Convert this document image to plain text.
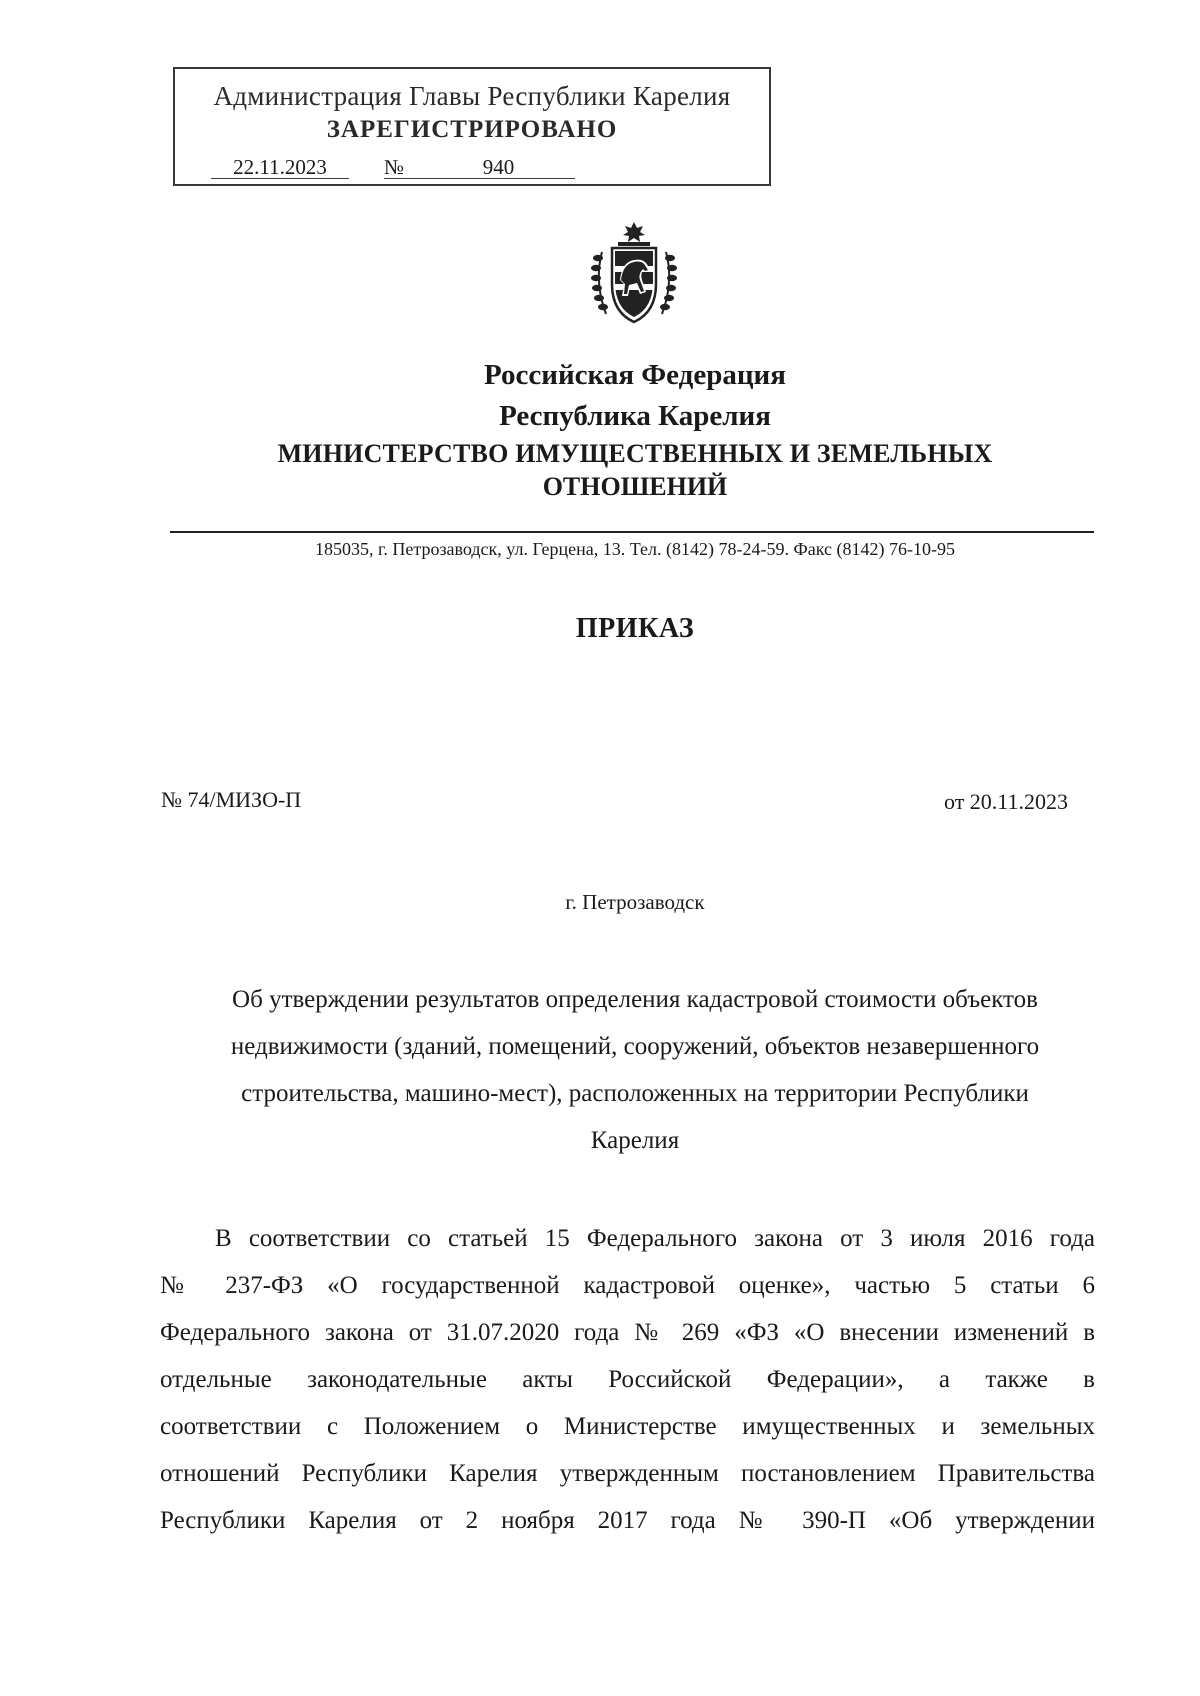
Администрация Главы Республики Карелия
ЗАРЕГИСТРИРОВАНО
22.11.2023	№	940
Российская Федерация
Республика Карелия
МИНИСТЕРСТВО ИМУЩЕСТВЕННЫХ И ЗЕМЕЛЬНЫХ
ОТНОШЕНИЙ
185035, г. Петрозаводск, ул. Герцена, 13. Тел. (8142) 78-24-59. Факс (8142) 76-10-95
ПРИКАЗ
№ 74/МИЗО-П	от 20.11.2023
г. Петрозаводск
Об утверждении результатов определения кадастровой стоимости объектов
недвижимости (зданий, помещений, сооружений, объектов незавершенного
строительства, машино-мест), расположенных на территории Республики
Карелия
В соответствии со статьей 15 Федерального закона от 3 июля 2016 года
№ 237-ФЗ «О государственной кадастровой оценке», частью 5 статьи 6
Федерального закона от 31.07.2020 года № 269 «ФЗ «О внесении изменений в
отдельные законодательные акты Российской Федерации», а также в
соответствии с Положением о Министерстве имущественных и земельных
отношений Республики Карелия утвержденным постановлением Правительства
Республики Карелия от 2 ноября 2017 года № 390-П «Об утверждении
